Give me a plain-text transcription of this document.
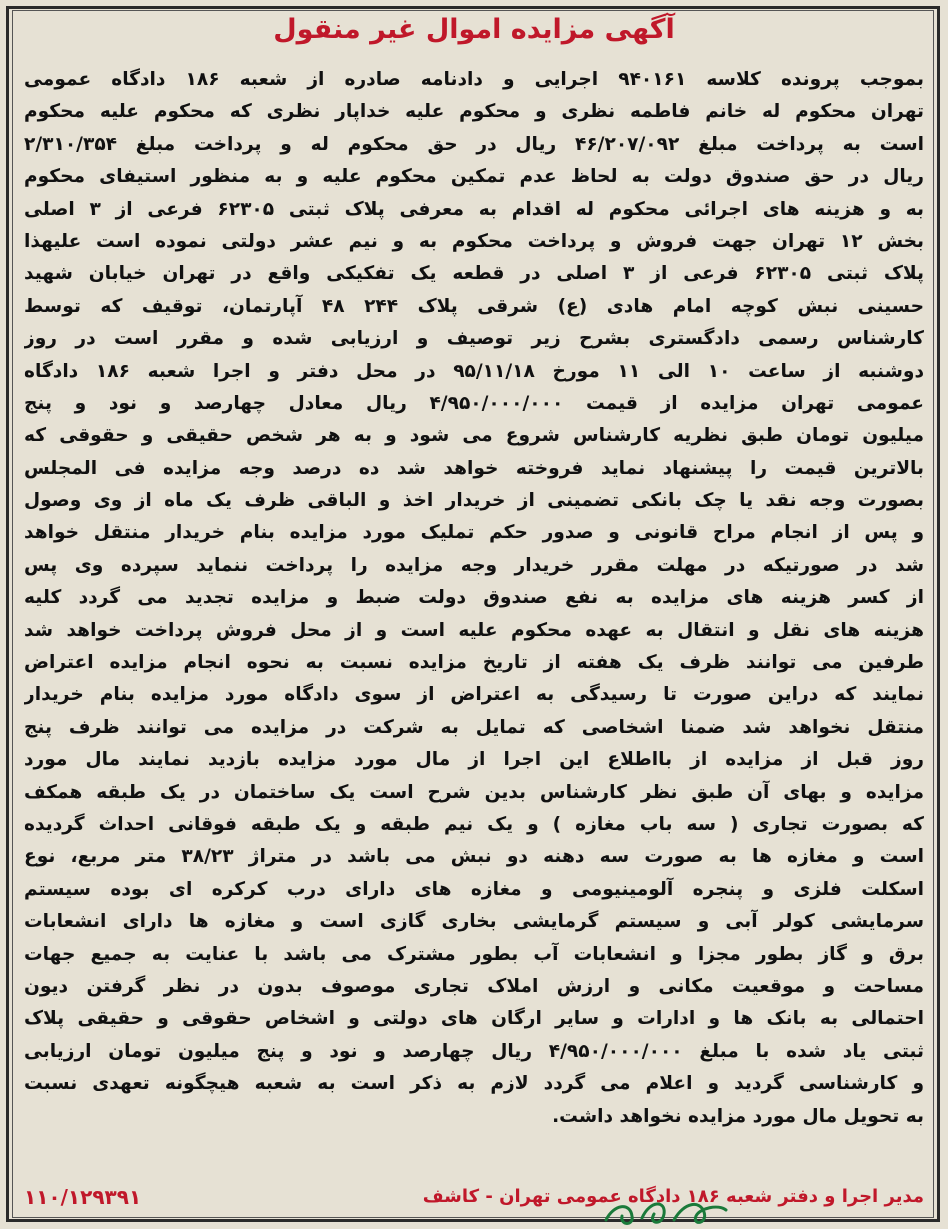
آگهی مزایده اموال غیر منقول
بموجب پرونده کلاسه ۹۴۰۱۶۱ اجرایی و دادنامه صادره از شعبه ۱۸۶ دادگاه عمومی
تهران محکوم له خانم فاطمه نظری و محکوم علیه خداپار نظری که محکوم علیه محکوم
است به پرداخت مبلغ ۴۶/۲۰۷/۰۹۲ ریال در حق محکوم له و پرداخت مبلغ ۲/۳۱۰/۳۵۴
ریال در حق صندوق دولت به لحاظ عدم تمکین محکوم علیه و به منظور استیفای محکوم
به و هزینه های اجرائی محکوم له اقدام به معرفی پلاک ثبتی ۶۲۳۰۵ فرعی از ۳ اصلی
بخش ۱۲ تهران جهت فروش و پرداخت محکوم به و نیم عشر دولتی نموده است علیهذا
پلاک ثبتی ۶۲۳۰۵ فرعی از ۳ اصلی در قطعه یک تفکیکی واقع در تهران خیابان شهید
حسینی نبش کوچه امام هادی (ع) شرقی پلاک ۲۴۴ ۴۸ آپارتمان، توقیف که توسط
کارشناس رسمی دادگستری بشرح زیر توصیف و ارزیابی شده و مقرر است در روز
دوشنبه از ساعت ۱۰ الی ۱۱ مورخ ۹۵/۱۱/۱۸ در محل دفتر و اجرا شعبه ۱۸۶ دادگاه
عمومی تهران مزایده از قیمت ۴/۹۵۰/۰۰۰/۰۰۰ ریال معادل چهارصد و نود و پنج
میلیون تومان طبق نظریه کارشناس شروع می شود و به هر شخص حقیقی و حقوقی که
بالاترین قیمت را پیشنهاد نماید فروخته خواهد شد ده درصد وجه مزایده فی المجلس
بصورت وجه نقد یا چک بانکی تضمینی از خریدار اخذ و الباقی ظرف یک ماه از وی وصول
و پس از انجام مراح قانونی و صدور حکم تملیک مورد مزایده بنام خریدار منتقل خواهد
شد در صورتیکه در مهلت مقرر خریدار وجه مزایده را پرداخت ننماید سپرده وی پس
از کسر هزینه های مزایده به نفع صندوق دولت ضبط و مزایده تجدید می گردد کلیه
هزینه های نقل و انتقال به عهده محکوم علیه است و از محل فروش پرداخت خواهد شد
طرفین می توانند ظرف یک هفته از تاریخ مزایده نسبت به نحوه انجام مزایده اعتراض
نمایند که دراین صورت تا رسیدگی به اعتراض از سوی دادگاه مورد مزایده بنام خریدار
منتقل نخواهد شد ضمنا اشخاصی که تمایل به شرکت در مزایده می توانند ظرف پنج
روز قبل از مزایده از بااطلاع این اجرا از مال مورد مزایده بازدید نمایند مال مورد
مزایده و بهای آن طبق نظر کارشناس بدین شرح است یک ساختمان در یک طبقه همکف
که بصورت تجاری ( سه باب مغازه ) و یک نیم طبقه و یک طبقه فوقانی احداث گردیده
است و مغازه ها به صورت سه دهنه دو نبش می باشد در متراژ ۳۸/۲۳ متر مربع، نوع
اسکلت فلزی و پنجره آلومینیومی و مغازه های دارای درب کرکره ای بوده سیستم
سرمایشی کولر آبی و سیستم گرمایشی بخاری گازی است و مغازه ها دارای انشعابات
برق و گاز بطور مجزا و انشعابات آب بطور مشترک می باشد با عنایت به جمیع جهات
مساحت و موقعیت مکانی و ارزش املاک تجاری موصوف بدون در نظر گرفتن دیون
احتمالی به بانک ها و ادارات و سایر ارگان های دولتی و اشخاص حقوقی و حقیقی پلاک
ثبتی یاد شده با مبلغ ۴/۹۵۰/۰۰۰/۰۰۰ ریال چهارصد و نود و پنج میلیون تومان ارزیابی
و کارشناسی گردید و اعلام می گردد لازم به ذکر است به شعبه هیچگونه تعهدی نسبت
به تحویل مال مورد مزایده نخواهد داشت.
مدیر اجرا و دفتر شعبه ۱۸۶ دادگاه عمومی تهران - کاشف
۱۱۰/۱۲۹۳۹۱
